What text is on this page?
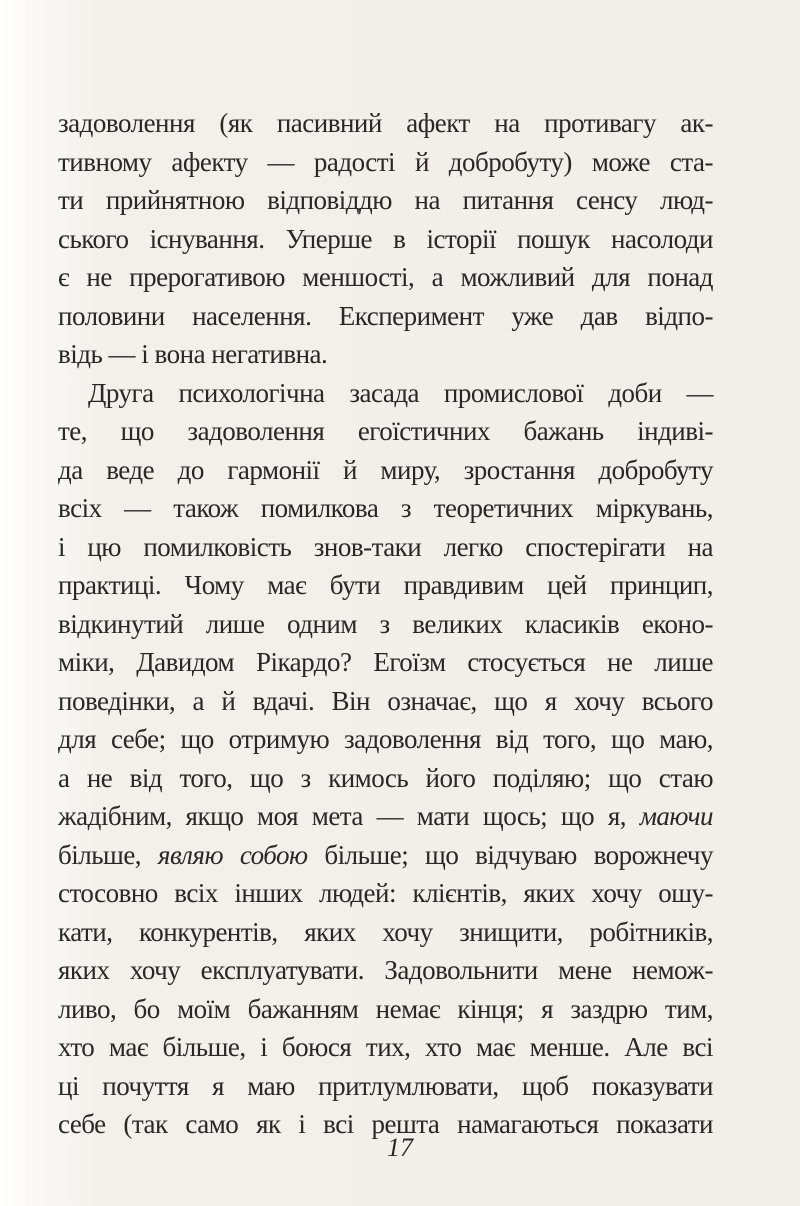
задоволення (як пасивний афект на противагу ак-
тивному афекту — радості й добробуту) може ста-
ти прийнятною відповіддю на питання сенсу люд-
ського існування. Уперше в історії пошук насолоди
є не прерогативою меншості, а можливий для понад
половини населення. Експеримент уже дав відпо-
відь — і вона негативна.
Друга психологічна засада промислової доби —
те, що задоволення егоїстичних бажань індиві-
да веде до гармонії й миру, зростання добробуту
всіх — також помилкова з теоретичних міркувань,
і цю помилковість знов-таки легко спостерігати на
практиці. Чому має бути правдивим цей принцип,
відкинутий лише одним з великих класиків еконо-
міки, Давидом Рікардо? Егоїзм стосується не лише
поведінки, а й вдачі. Він означає, що я хочу всього
для себе; що отримую задоволення від того, що маю,
а не від того, що з кимось його поділяю; що стаю
жадібним, якщо моя мета — мати щось; що я, маючи
більше, являю собою більше; що відчуваю ворожнечу
стосовно всіх інших людей: клієнтів, яких хочу ошу-
кати, конкурентів, яких хочу знищити, робітників,
яких хочу експлуатувати. Задовольнити мене немож-
ливо, бо моїм бажанням немає кінця; я заздрю тим,
хто має більше, і боюся тих, хто має менше. Але всі
ці почуття я маю притлумлювати, щоб показувати
себе (так само як і всі решта намагаються показати
17
